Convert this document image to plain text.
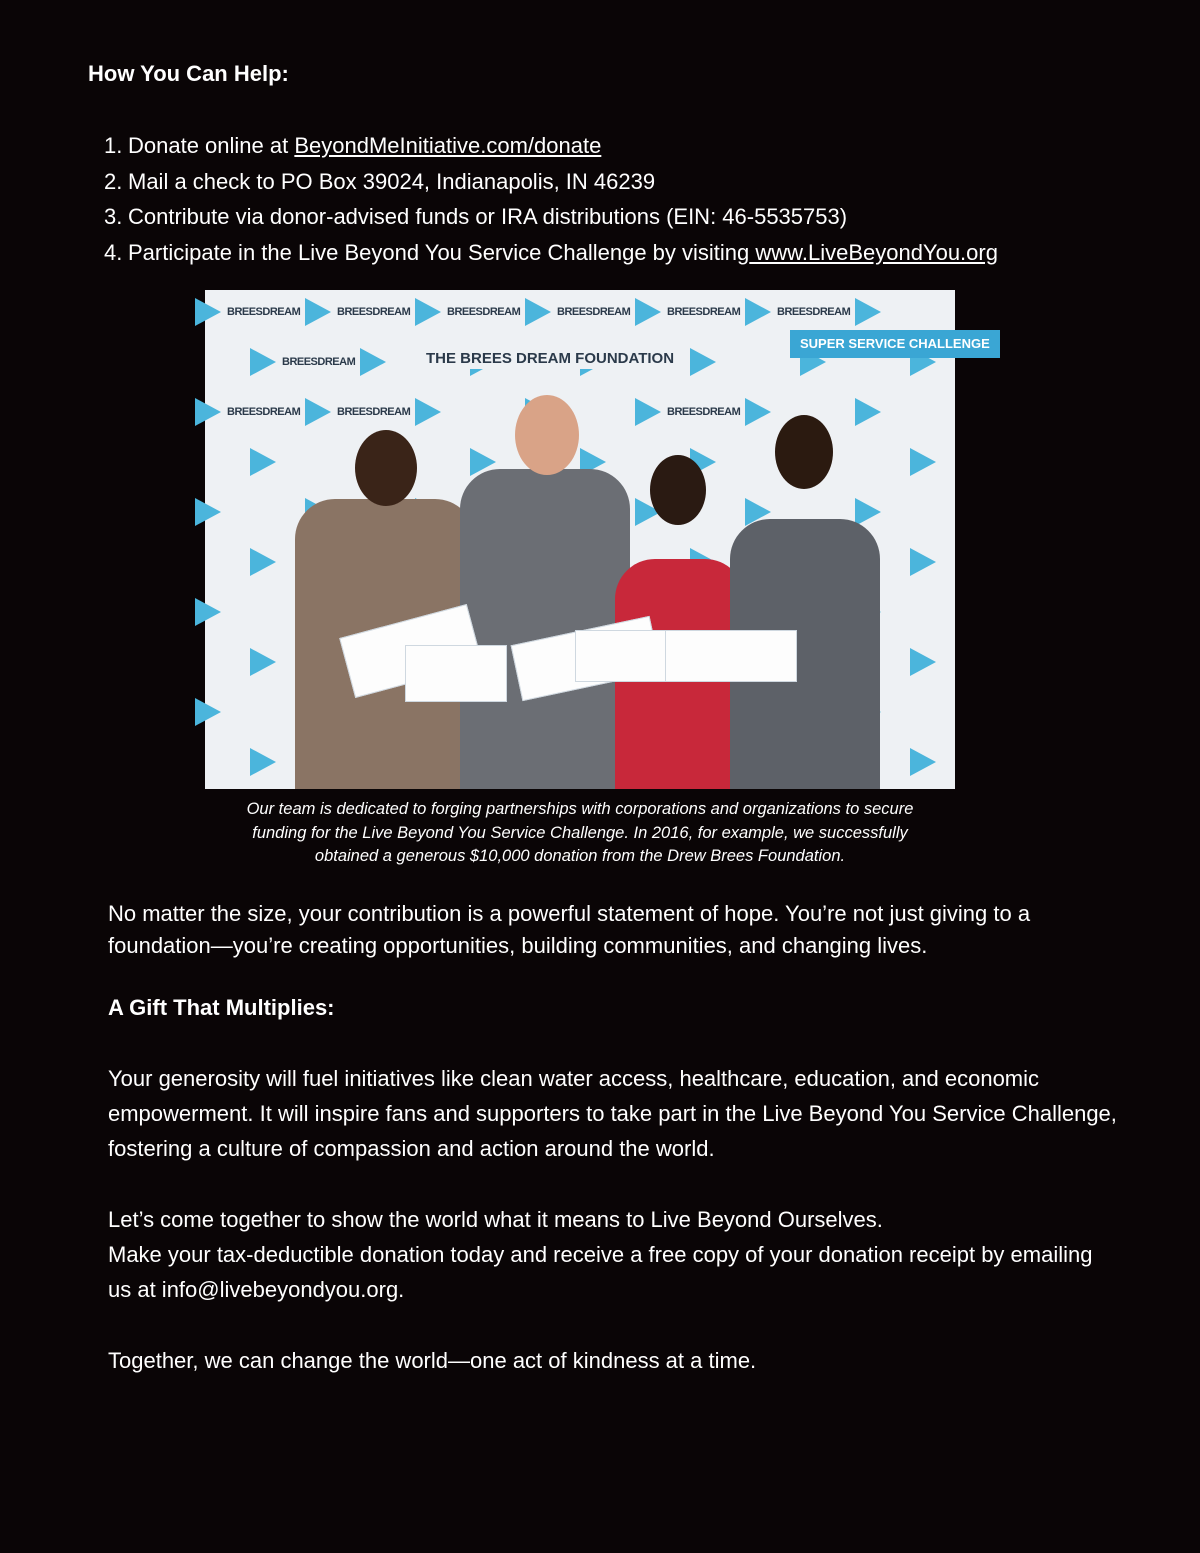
How You Can Help:
1. Donate online at
BeyondMeInitiative.com/donate
2. Mail a check to PO Box 39024, Indianapolis, IN 46239
3. Contribute via donor-advised funds or IRA distributions (EIN: 46-5535753)
4. Participate in the Live Beyond You Service Challenge by visiting www.LiveBeyondYou.org
SUPER SERVICE CHALLENGE
THE BREES DREAM FOUNDATION
BREESDREAM	BREESDREAM	BREESDREAM	BREESDREAM	BREESDREAM	BREESDREAM
BREESDREAM
BREESDREAM	BREESDREAM	BREESDREAM
Our team is dedicated to forging partnerships with corporations and organizations to secure
funding for the Live Beyond You Service Challenge. In 2016, for example, we successfully
obtained a generous $10,000 donation from the Drew Brees Foundation.

No matter the size, your contribution is a powerful statement of hope. You’re not just giving to a foundation—you’re creating opportunities, building communities, and changing lives.

A Gift That Multiplies:

Your generosity will fuel initiatives like clean water access, healthcare, education, and economic empowerment. It will inspire fans and supporters to take part in the Live Beyond You Service Challenge, fostering a culture of compassion and action around the world.

Let’s come together to show the world what it means to Live Beyond Ourselves.
Make your tax-deductible donation today and receive a free copy of your donation receipt by emailing us at info@livebeyondyou.org.

Together, we can change the world—one act of kindness at a time.
